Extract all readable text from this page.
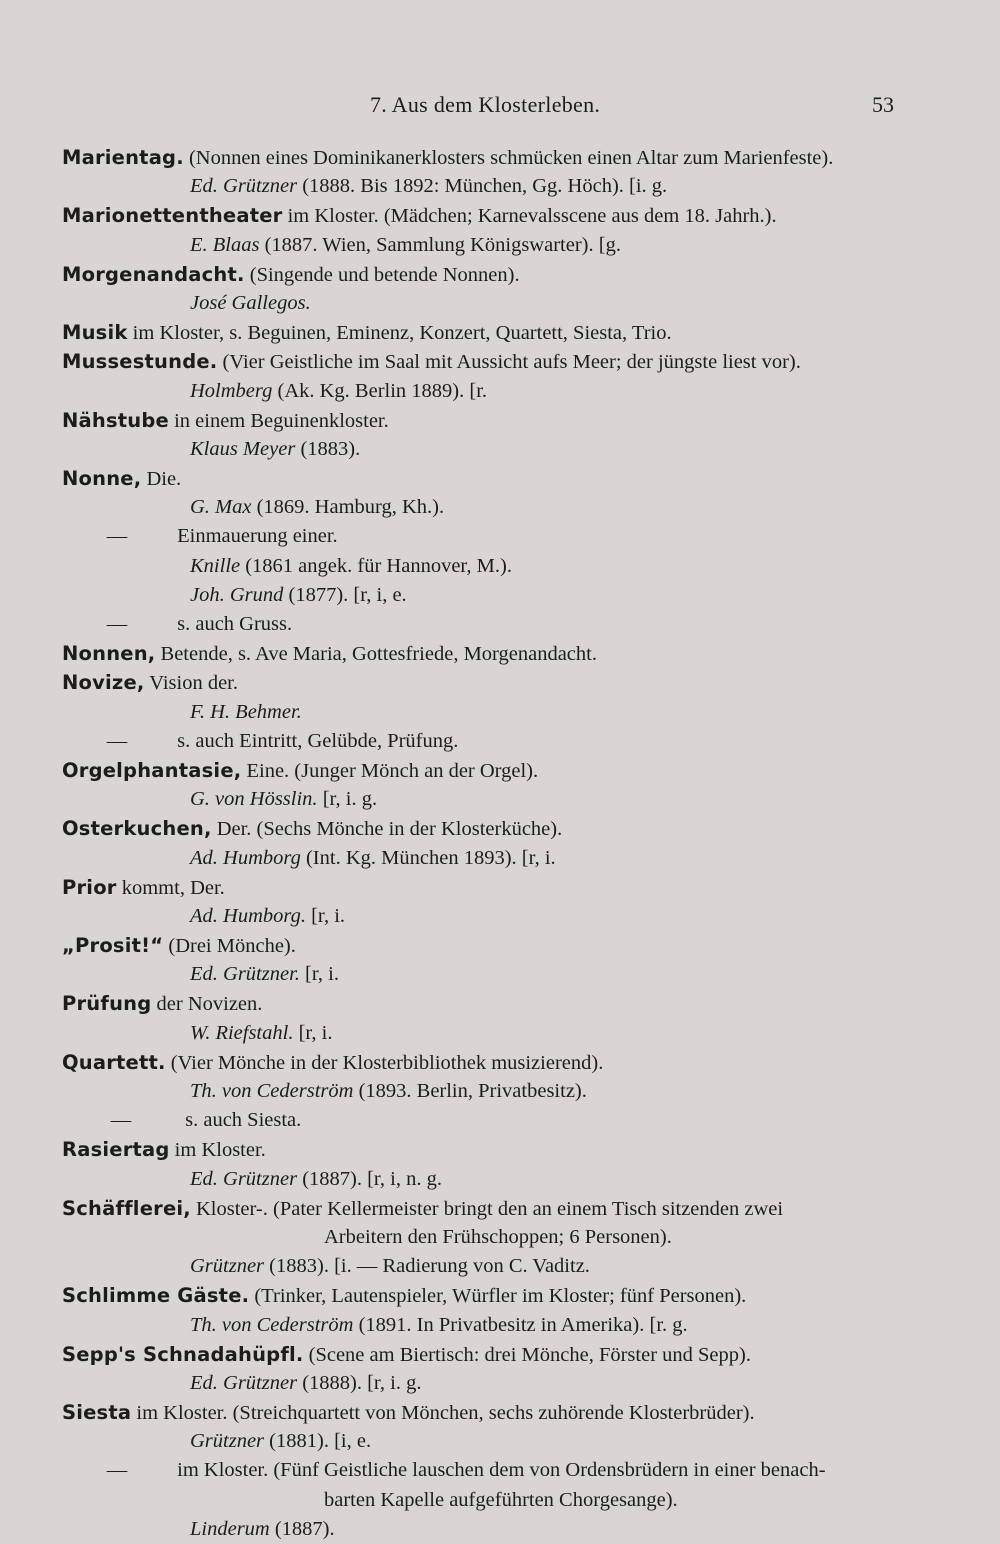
7. Aus dem Klosterleben.	53
Marientag. (Nonnen eines Dominikanerklosters schmücken einen Altar zum Marienfeste).
Ed. Grützner (1888. Bis 1892: München, Gg. Höch). [i. g.
Marionettentheater im Kloster. (Mädchen; Karnevalsscene aus dem 18. Jahrh.).
E. Blaas (1887. Wien, Sammlung Königswarter). [g.
Morgenandacht. (Singende und betende Nonnen).
José Gallegos.
Musik im Kloster, s. Beguinen, Eminenz, Konzert, Quartett, Siesta, Trio.
Mussestunde. (Vier Geistliche im Saal mit Aussicht aufs Meer; der jüngste liest vor).
Holmberg (Ak. Kg. Berlin 1889). [r.
Nähstube in einem Beguinenkloster.
Klaus Meyer (1883).
Nonne, Die.
G. Max (1869. Hamburg, Kh.).
— Einmauerung einer.
Knille (1861 angek. für Hannover, M.).
Joh. Grund (1877). [r, i, e.
— s. auch Gruss.
Nonnen, Betende, s. Ave Maria, Gottesfriede, Morgenandacht.
Novize, Vision der.
F. H. Behmer.
— s. auch Eintritt, Gelübde, Prüfung.
Orgelphantasie, Eine. (Junger Mönch an der Orgel).
G. von Hösslin. [r, i. g.
Osterkuchen, Der. (Sechs Mönche in der Klosterküche).
Ad. Humborg (Int. Kg. München 1893). [r, i.
Prior kommt, Der.
Ad. Humborg. [r, i.
„Prosit!“ (Drei Mönche).
Ed. Grützner. [r, i.
Prüfung der Novizen.
W. Riefstahl. [r, i.
Quartett. (Vier Mönche in der Klosterbibliothek musizierend).
Th. von Cederström (1893. Berlin, Privatbesitz).
— s. auch Siesta.
Rasiertag im Kloster.
Ed. Grützner (1887). [r, i, n. g.
Schäfflerei, Kloster-. (Pater Kellermeister bringt den an einem Tisch sitzenden zwei
Arbeitern den Frühschoppen; 6 Personen).
Grützner (1883). [i. — Radierung von C. Vaditz.
Schlimme Gäste. (Trinker, Lautenspieler, Würfler im Kloster; fünf Personen).
Th. von Cederström (1891. In Privatbesitz in Amerika). [r. g.
Sepp's Schnadahüpfl. (Scene am Biertisch: drei Mönche, Förster und Sepp).
Ed. Grützner (1888). [r, i. g.
Siesta im Kloster. (Streichquartett von Mönchen, sechs zuhörende Klosterbrüder).
Grützner (1881). [i, e.
— im Kloster. (Fünf Geistliche lauschen dem von Ordensbrüdern in einer benach-
barten Kapelle aufgeführten Chorgesange).
Linderum (1887).
